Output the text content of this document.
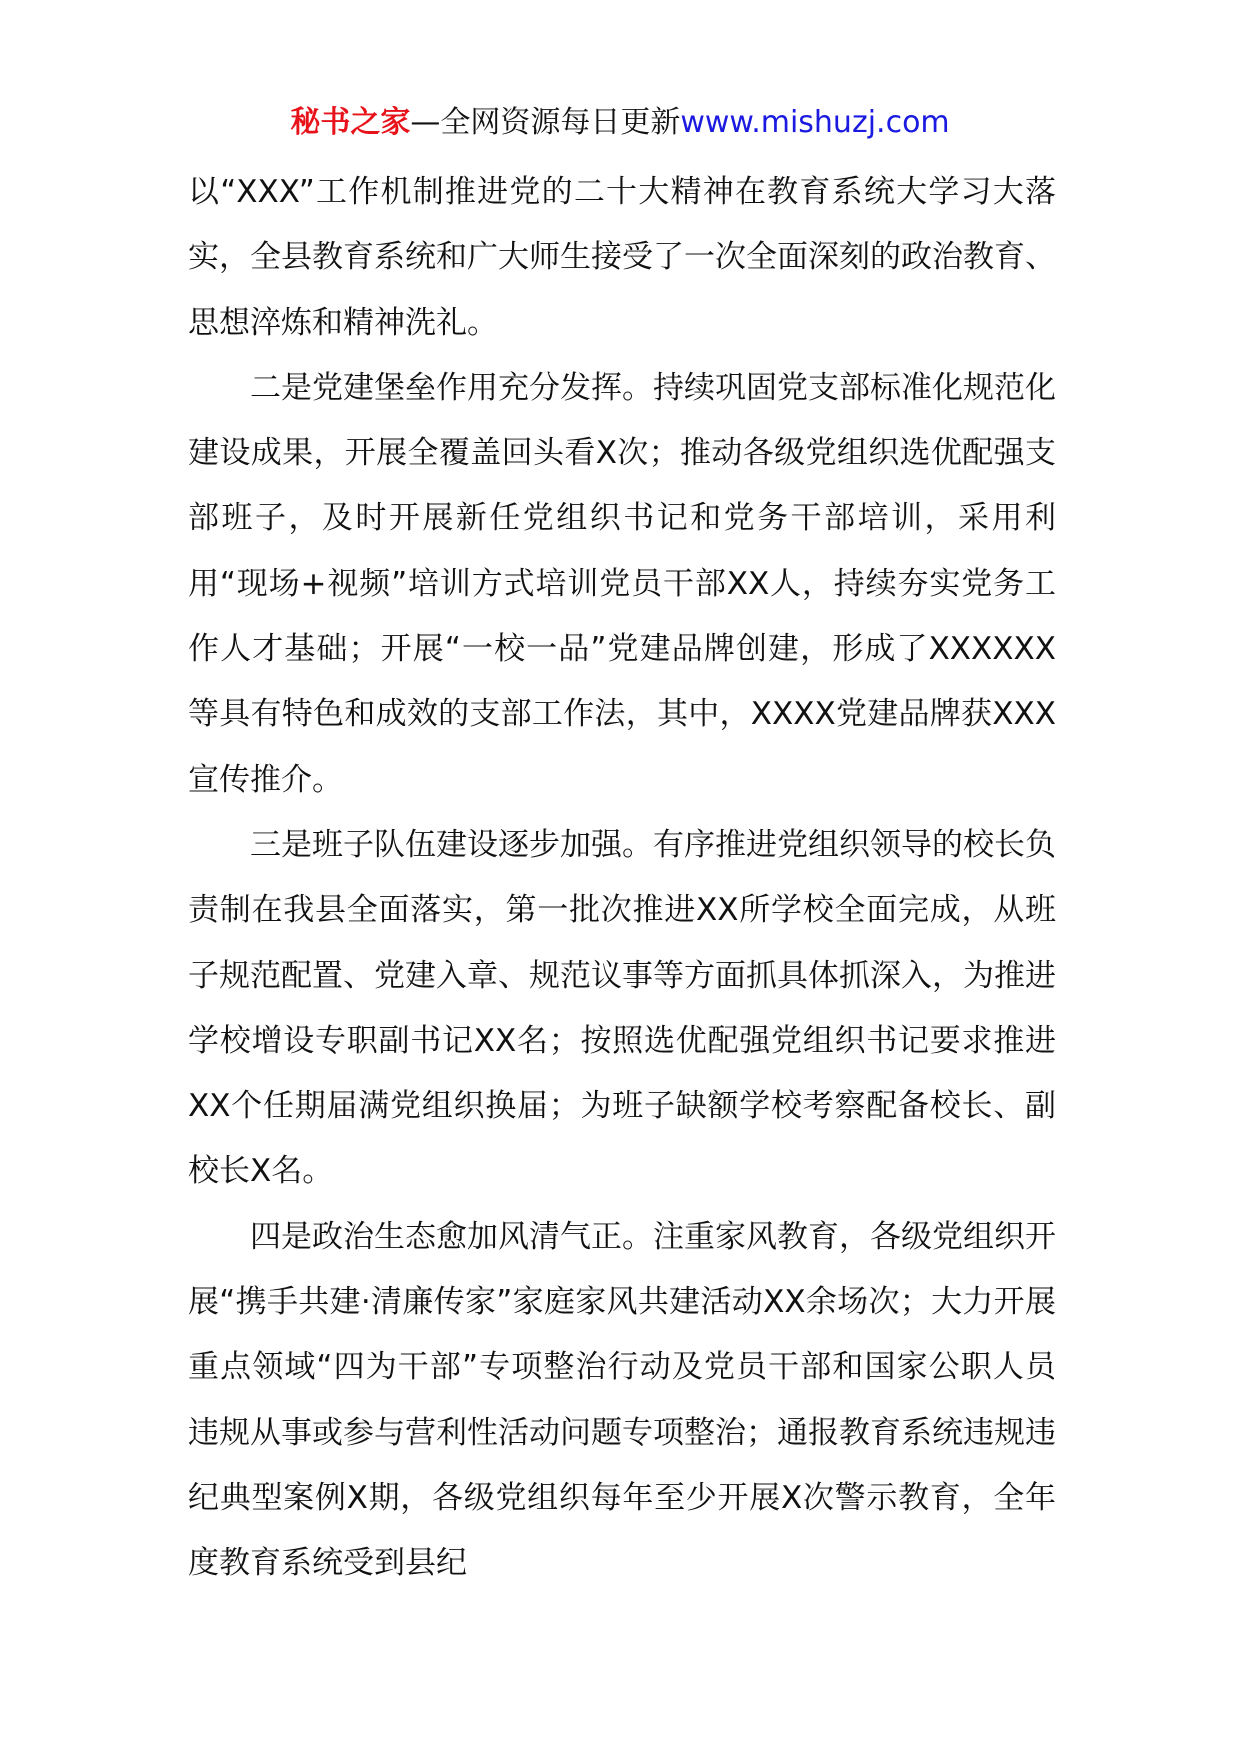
秘书之家—全网资源每日更新www.mishuzj.com

以“XXX”工作机制推进党的二十大精神在教育系统大学习大落实，全县教育系统和广大师生接受了一次全面深刻的政治教育、思想淬炼和精神洗礼。

二是党建堡垒作用充分发挥。持续巩固党支部标准化规范化建设成果，开展全覆盖回头看X次；推动各级党组织选优配强支部班子，及时开展新任党组织书记和党务干部培训，采用利用“现场+视频”培训方式培训党员干部XX人，持续夯实党务工作人才基础；开展“一校一品”党建品牌创建，形成了XXXXXX等具有特色和成效的支部工作法，其中，XXXX党建品牌获XXX宣传推介。

三是班子队伍建设逐步加强。有序推进党组织领导的校长负责制在我县全面落实，第一批次推进XX所学校全面完成，从班子规范配置、党建入章、规范议事等方面抓具体抓深入，为推进学校增设专职副书记XX名；按照选优配强党组织书记要求推进XX个任期届满党组织换届；为班子缺额学校考察配备校长、副校长X名。

四是政治生态愈加风清气正。注重家风教育，各级党组织开展“携手共建·清廉传家”家庭家风共建活动XX余场次；大力开展重点领域“四为干部”专项整治行动及党员干部和国家公职人员违规从事或参与营利性活动问题专项整治；通报教育系统违规违纪典型案例X期，各级党组织每年至少开展X次警示教育，全年度教育系统受到县纪
